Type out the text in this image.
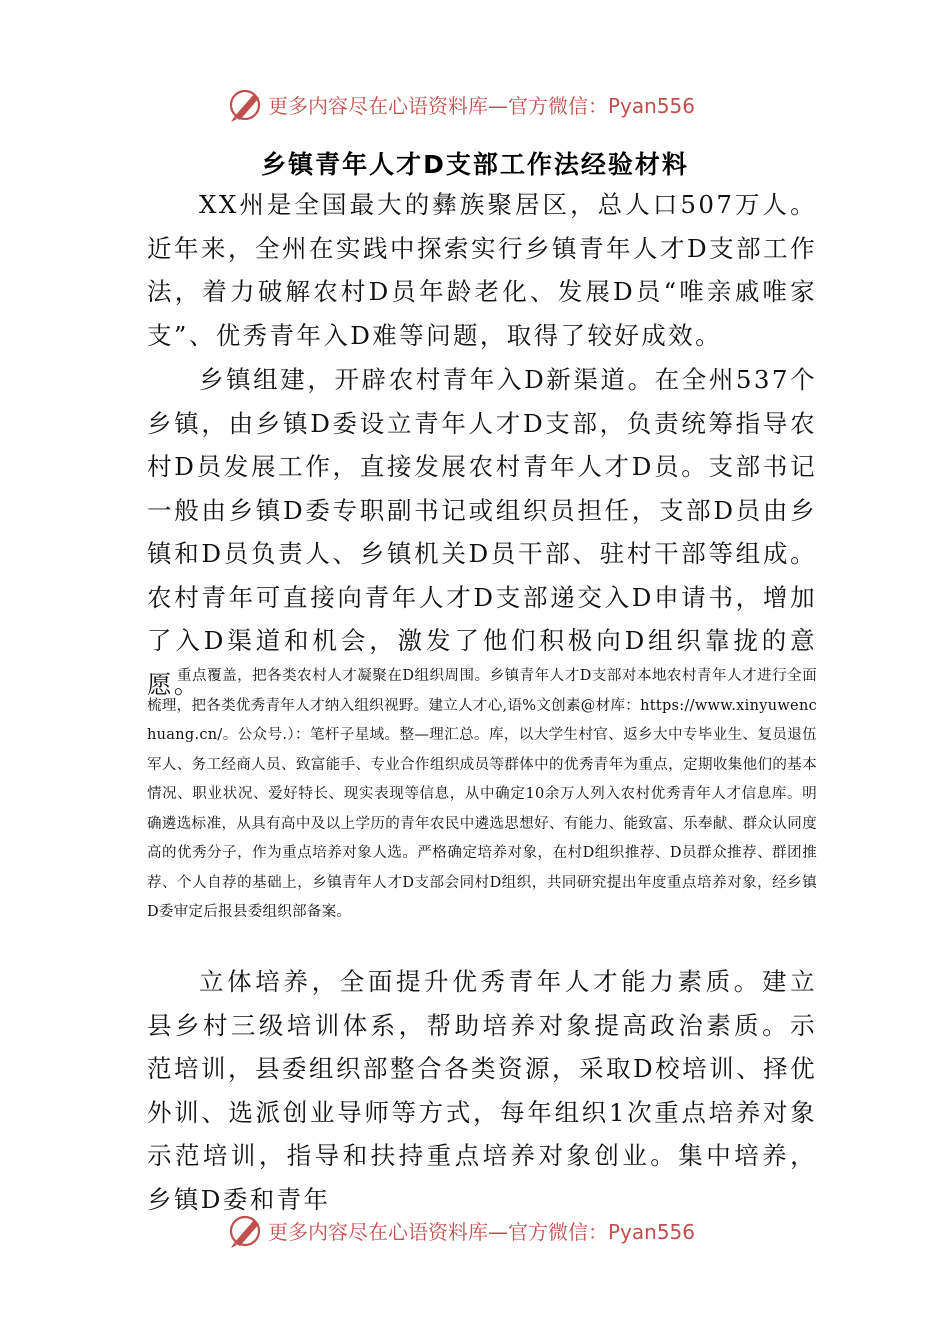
更多内容尽在心语资料库—官方微信：Pyan556
乡镇青年人才D支部工作法经验材料

XX州是全国最大的彝族聚居区，总人口507万人。近年来，全州在实践中探索实行乡镇青年人才D支部工作法，着力破解农村D员年龄老化、发展D员“唯亲戚唯家支”、优秀青年入D难等问题，取得了较好成效。

乡镇组建，开辟农村青年入D新渠道。在全州537个乡镇，由乡镇D委设立青年人才D支部，负责统筹指导农村D员发展工作，直接发展农村青年人才D员。支部书记一般由乡镇D委专职副书记或组织员担任，支部D员由乡镇和D员负责人、乡镇机关D员干部、驻村干部等组成。农村青年可直接向青年人才D支部递交入D申请书，增加了入D渠道和机会，激发了他们积极向D组织靠拢的意愿。

重点覆盖，把各类农村人才凝聚在D组织周围。乡镇青年人才D支部对本地农村青年人才进行全面梳理，把各类优秀青年人才纳入组织视野。建立人才心,语%文创素@材库：https://www.xinyuwenchuang.cn/。公众号.）：笔杆子星域。整—理汇总。库，以大学生村官、返乡大中专毕业生、复员退伍军人、务工经商人员、致富能手、专业合作组织成员等群体中的优秀青年为重点，定期收集他们的基本情况、职业状况、爱好特长、现实表现等信息，从中确定10余万人列入农村优秀青年人才信息库。明确遴选标准，从具有高中及以上学历的青年农民中遴选思想好、有能力、能致富、乐奉献、群众认同度高的优秀分子，作为重点培养对象人选。严格确定培养对象，在村D组织推荐、D员群众推荐、群团推荐、个人自荐的基础上，乡镇青年人才D支部会同村D组织，共同研究提出年度重点培养对象，经乡镇D委审定后报县委组织部备案。

立体培养，全面提升优秀青年人才能力素质。建立县乡村三级培训体系，帮助培养对象提高政治素质。示范培训，县委组织部整合各类资源，采取D校培训、择优外训、选派创业导师等方式，每年组织1次重点培养对象示范培训，指导和扶持重点培养对象创业。集中培养，乡镇D委和青年

更多内容尽在心语资料库—官方微信：Pyan556
